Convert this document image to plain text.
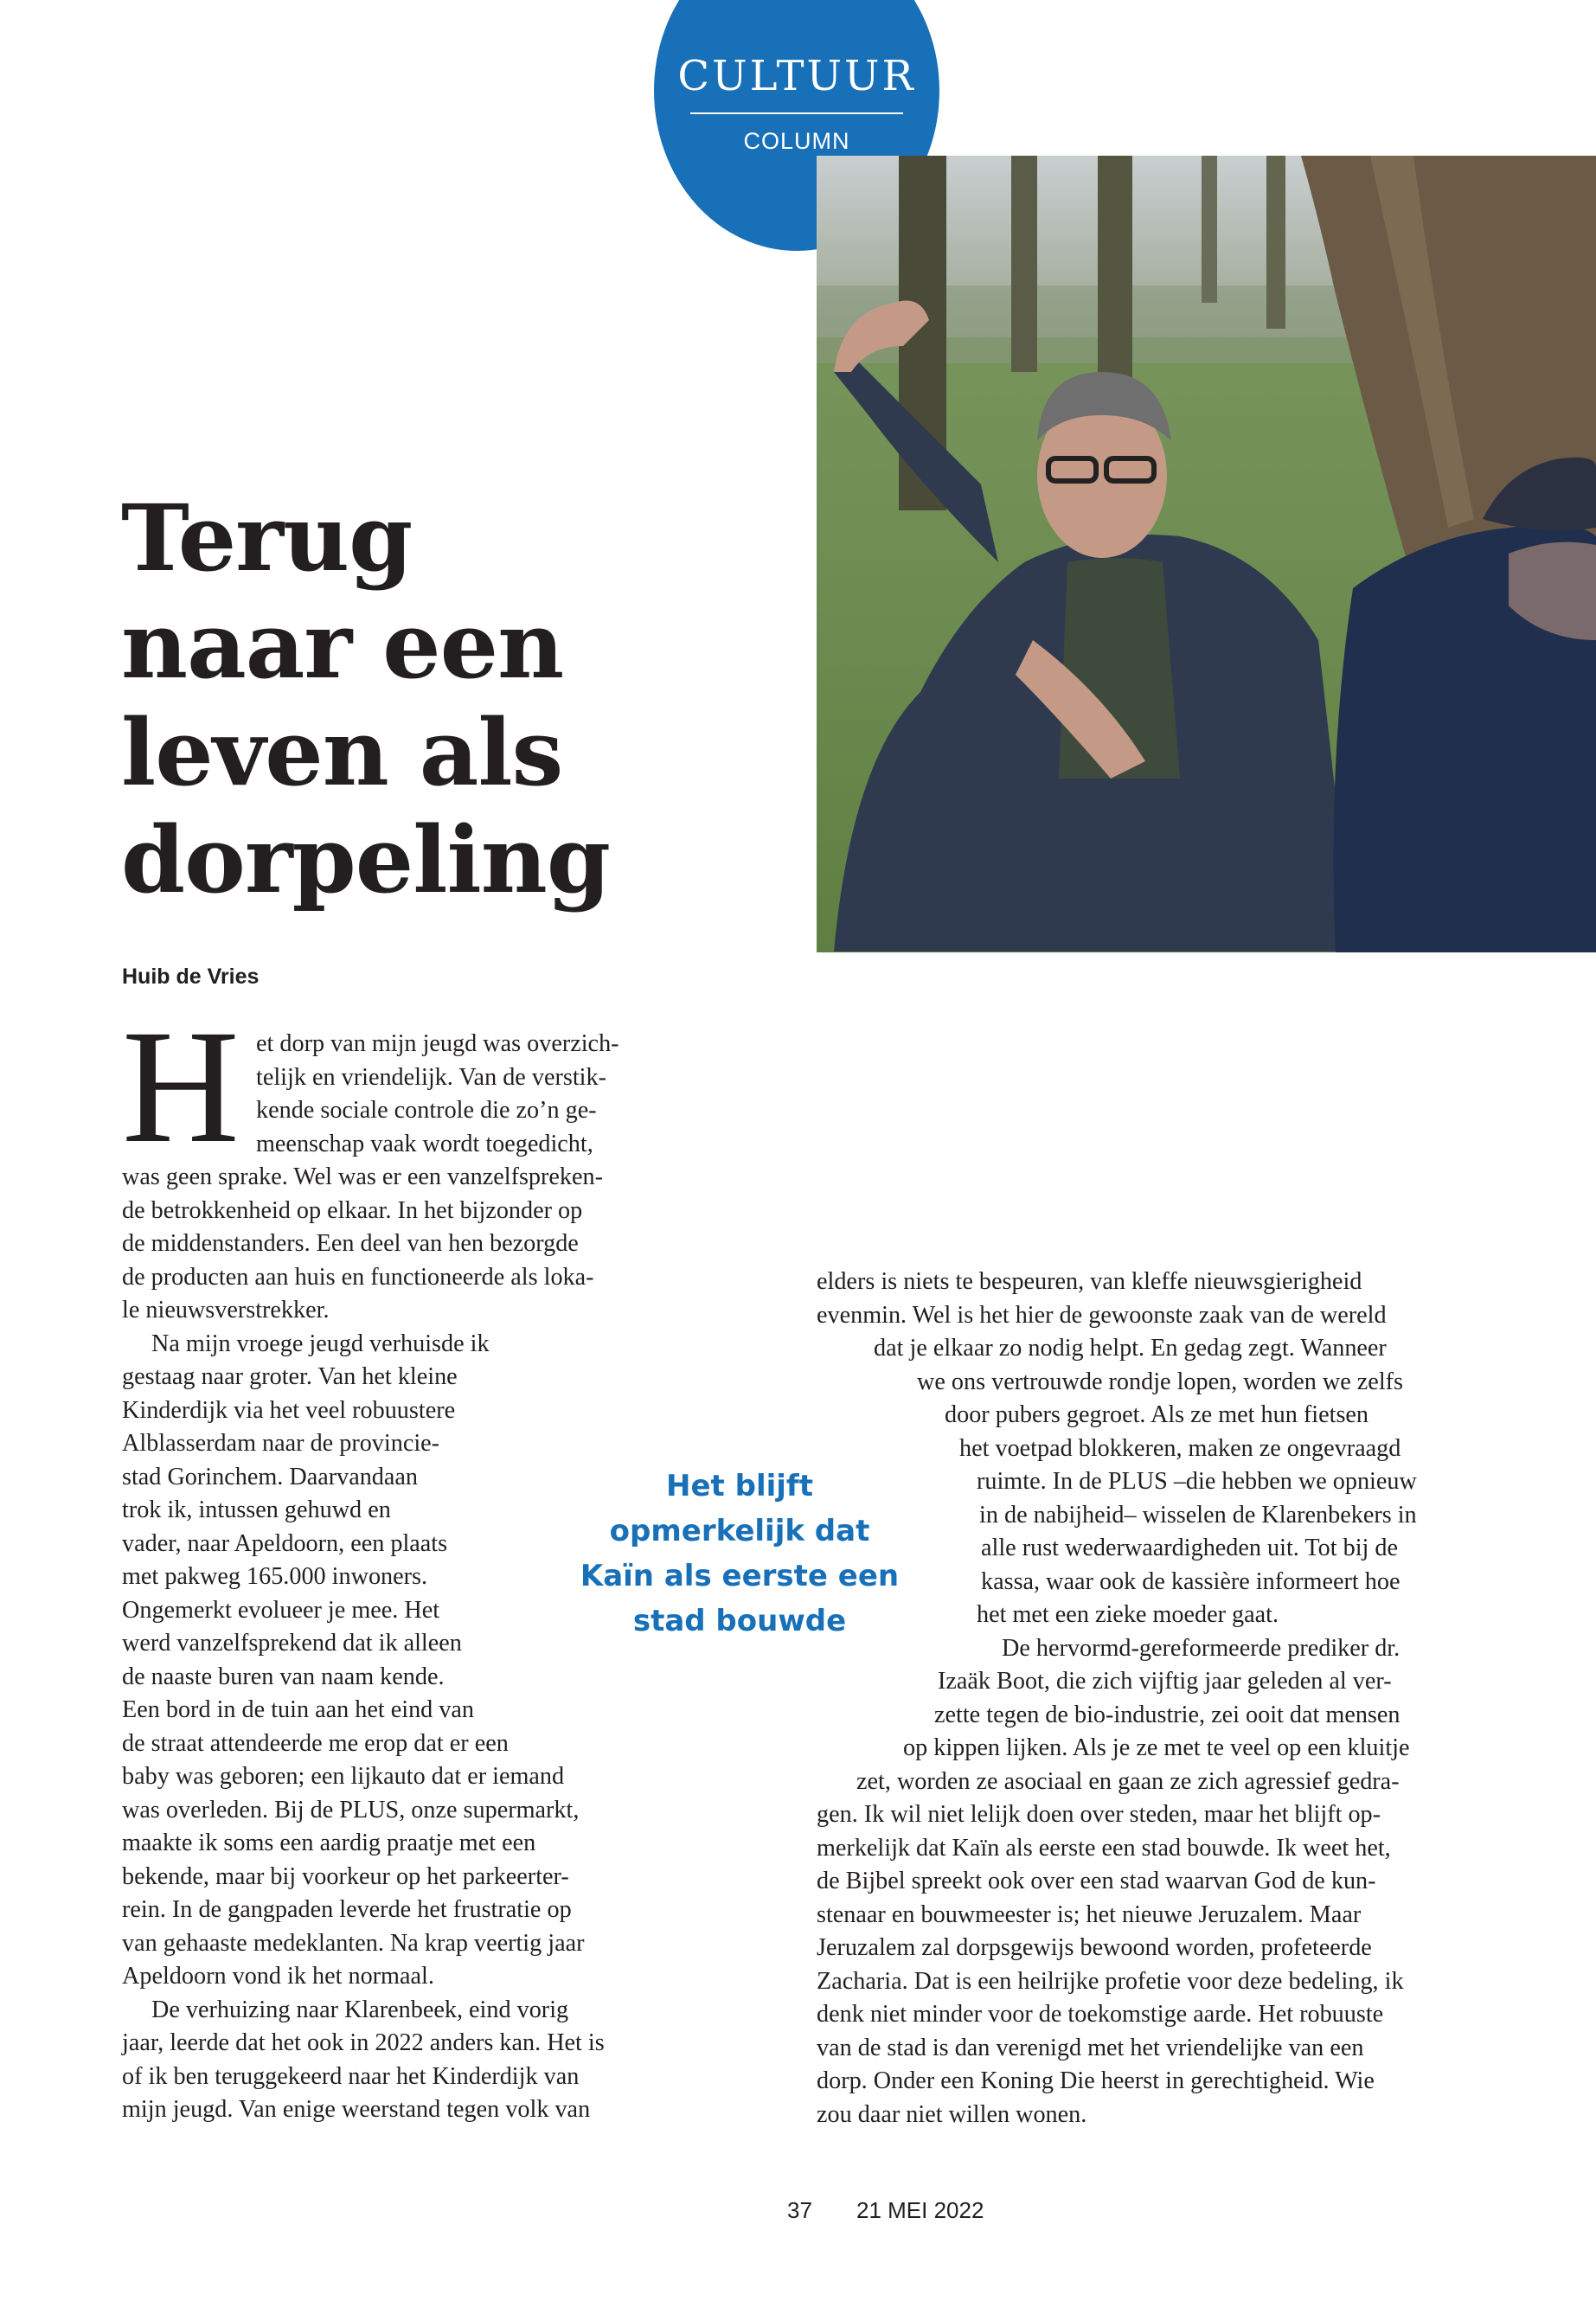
CULTUUR
COLUMN
Terug
naar een
leven als
dorpeling
Huib de Vries
H et dorp van mijn jeugd was overzich-
telijk en vriendelijk. Van de verstik-
kende sociale controle die zo’n ge-
meenschap vaak wordt toegedicht,
was geen sprake. Wel was er een vanzelfspreken-
de betrokkenheid op elkaar. In het bijzonder op
de middenstanders. Een deel van hen bezorgde
de producten aan huis en functioneerde als loka-
le nieuwsverstrekker.
Na mijn vroege jeugd verhuisde ik
gestaag naar groter. Van het kleine
Kinderdijk via het veel robuustere
Alblasserdam naar de provincie-
stad Gorinchem. Daarvandaan
trok ik, intussen gehuwd en
vader, naar Apeldoorn, een plaats
met pakweg 165.000 inwoners.
Ongemerkt evolueer je mee. Het
werd vanzelfsprekend dat ik alleen
de naaste buren van naam kende.
Een bord in de tuin aan het eind van
de straat attendeerde me erop dat er een
baby was geboren; een lijkauto dat er iemand
was overleden. Bij de PLUS, onze supermarkt,
maakte ik soms een aardig praatje met een
bekende, maar bij voorkeur op het parkeerter-
rein. In de gangpaden leverde het frustratie op
van gehaaste medeklanten. Na krap veertig jaar
Apeldoorn vond ik het normaal.
De verhuizing naar Klarenbeek, eind vorig
jaar, leerde dat het ook in 2022 anders kan. Het is
of ik ben teruggekeerd naar het Kinderdijk van
mijn jeugd. Van enige weerstand tegen volk van
Het blijft
opmerkelijk dat
Kaïn als eerste een
stad bouwde
elders is niets te bespeuren, van kleffe nieuwsgierigheid
evenmin. Wel is het hier de gewoonste zaak van de wereld
dat je elkaar zo nodig helpt. En gedag zegt. Wanneer
we ons vertrouwde rondje lopen, worden we zelfs
door pubers gegroet. Als ze met hun fietsen
het voetpad blokkeren, maken ze ongevraagd
ruimte. In de PLUS –die hebben we opnieuw
in de nabijheid– wisselen de Klarenbekers in
alle rust wederwaardigheden uit. Tot bij de
kassa, waar ook de kassière informeert hoe
het met een zieke moeder gaat.
De hervormd-gereformeerde prediker dr.
Izaäk Boot, die zich vijftig jaar geleden al ver-
zette tegen de bio-industrie, zei ooit dat mensen
op kippen lijken. Als je ze met te veel op een kluitje
zet, worden ze asociaal en gaan ze zich agressief gedra-
gen. Ik wil niet lelijk doen over steden, maar het blijft op-
merkelijk dat Kaïn als eerste een stad bouwde. Ik weet het,
de Bijbel spreekt ook over een stad waarvan God de kun-
stenaar en bouwmeester is; het nieuwe Jeruzalem. Maar
Jeruzalem zal dorpsgewijs bewoond worden, profeteerde
Zacharia. Dat is een heilrijke profetie voor deze bedeling, ik
denk niet minder voor de toekomstige aarde. Het robuuste
van de stad is dan verenigd met het vriendelijke van een
dorp. Onder een Koning Die heerst in gerechtigheid. Wie
zou daar niet willen wonen.
37 21 MEI 2022
